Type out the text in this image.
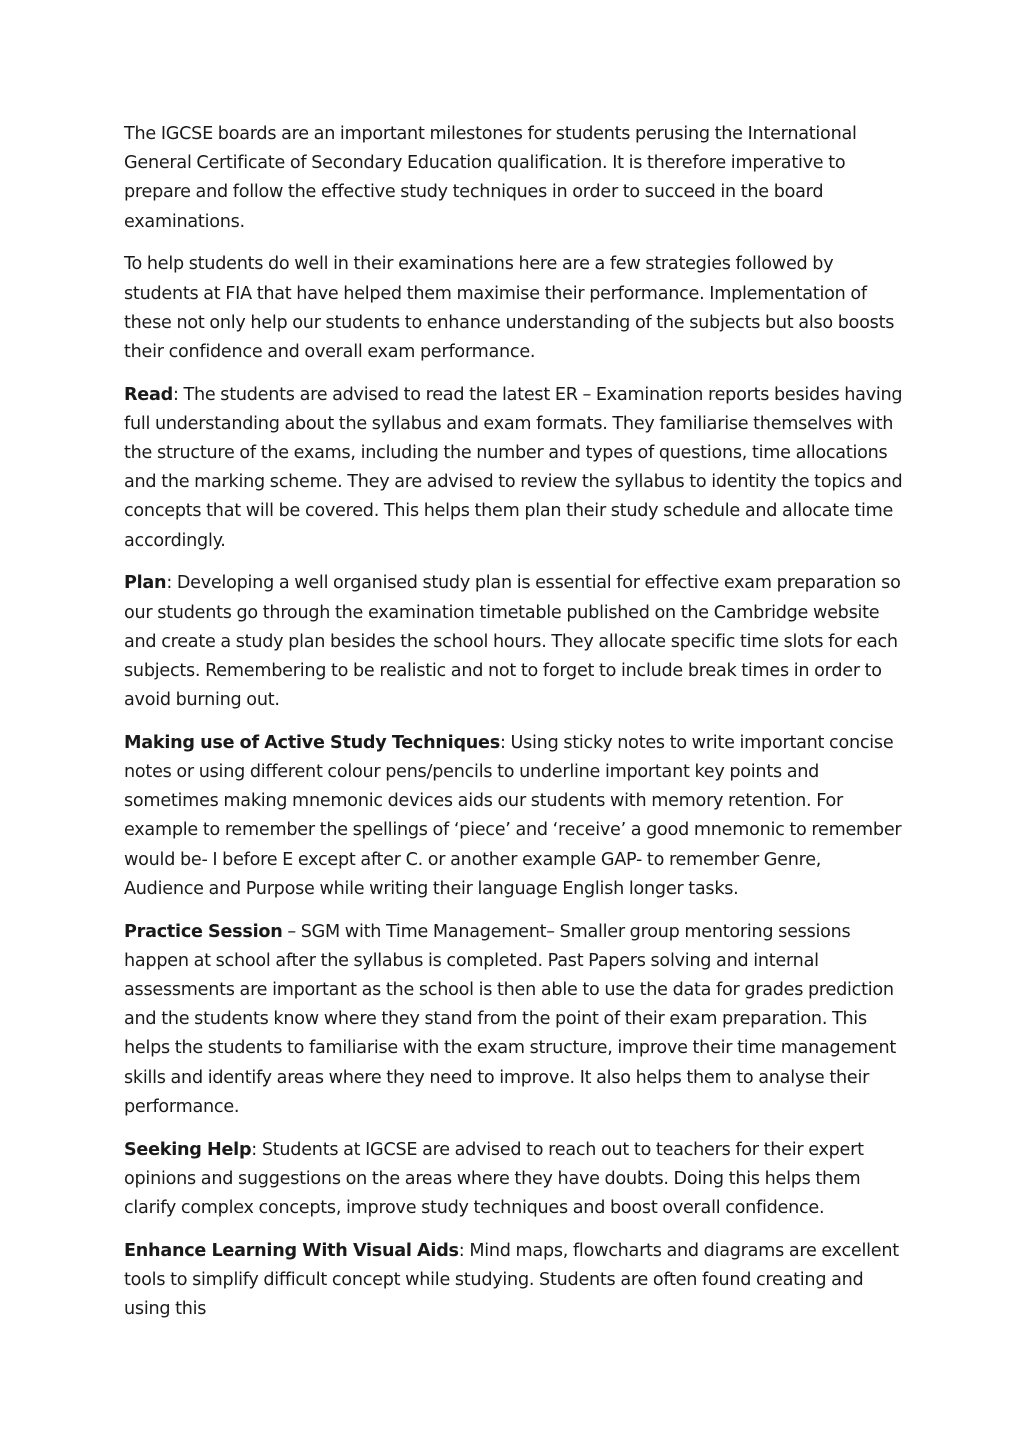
The IGCSE boards are an important milestones for students perusing the International General Certificate of Secondary Education qualification. It is therefore imperative to prepare and follow the effective study techniques in order to succeed in the board examinations.

To help students do well in their examinations here are a few strategies followed by students at FIA that have helped them maximise their performance. Implementation of these not only help our students to enhance understanding of the subjects but also boosts their confidence and overall exam performance.

Read: The students are advised to read the latest ER – Examination reports besides having full understanding about the syllabus and exam formats. They familiarise themselves with the structure of the exams, including the number and types of questions, time allocations and the marking scheme. They are advised to review the syllabus to identity the topics and concepts that will be covered. This helps them plan their study schedule and allocate time accordingly.

Plan: Developing a well organised study plan is essential for effective exam preparation so our students go through the examination timetable published on the Cambridge website and create a study plan besides the school hours. They allocate specific time slots for each subjects. Remembering to be realistic and not to forget to include break times in order to avoid burning out.

Making use of Active Study Techniques: Using sticky notes to write important concise notes or using different colour pens/pencils to underline important key points and sometimes making mnemonic devices aids our students with memory retention. For example to remember the spellings of ‘piece’ and ‘receive’ a good mnemonic to remember would be- I before E except after C. or another example GAP- to remember Genre, Audience and Purpose while writing their language English longer tasks.

Practice Session – SGM with Time Management– Smaller group mentoring sessions happen at school after the syllabus is completed. Past Papers solving and internal assessments are important as the school is then able to use the data for grades prediction and the students know where they stand from the point of their exam preparation. This helps the students to familiarise with the exam structure, improve their time management skills and identify areas where they need to improve. It also helps them to analyse their performance.

Seeking Help: Students at IGCSE are advised to reach out to teachers for their expert opinions and suggestions on the areas where they have doubts. Doing this helps them clarify complex concepts, improve study techniques and boost overall confidence.

Enhance Learning With Visual Aids: Mind maps, flowcharts and diagrams are excellent tools to simplify difficult concept while studying. Students are often found creating and using this
